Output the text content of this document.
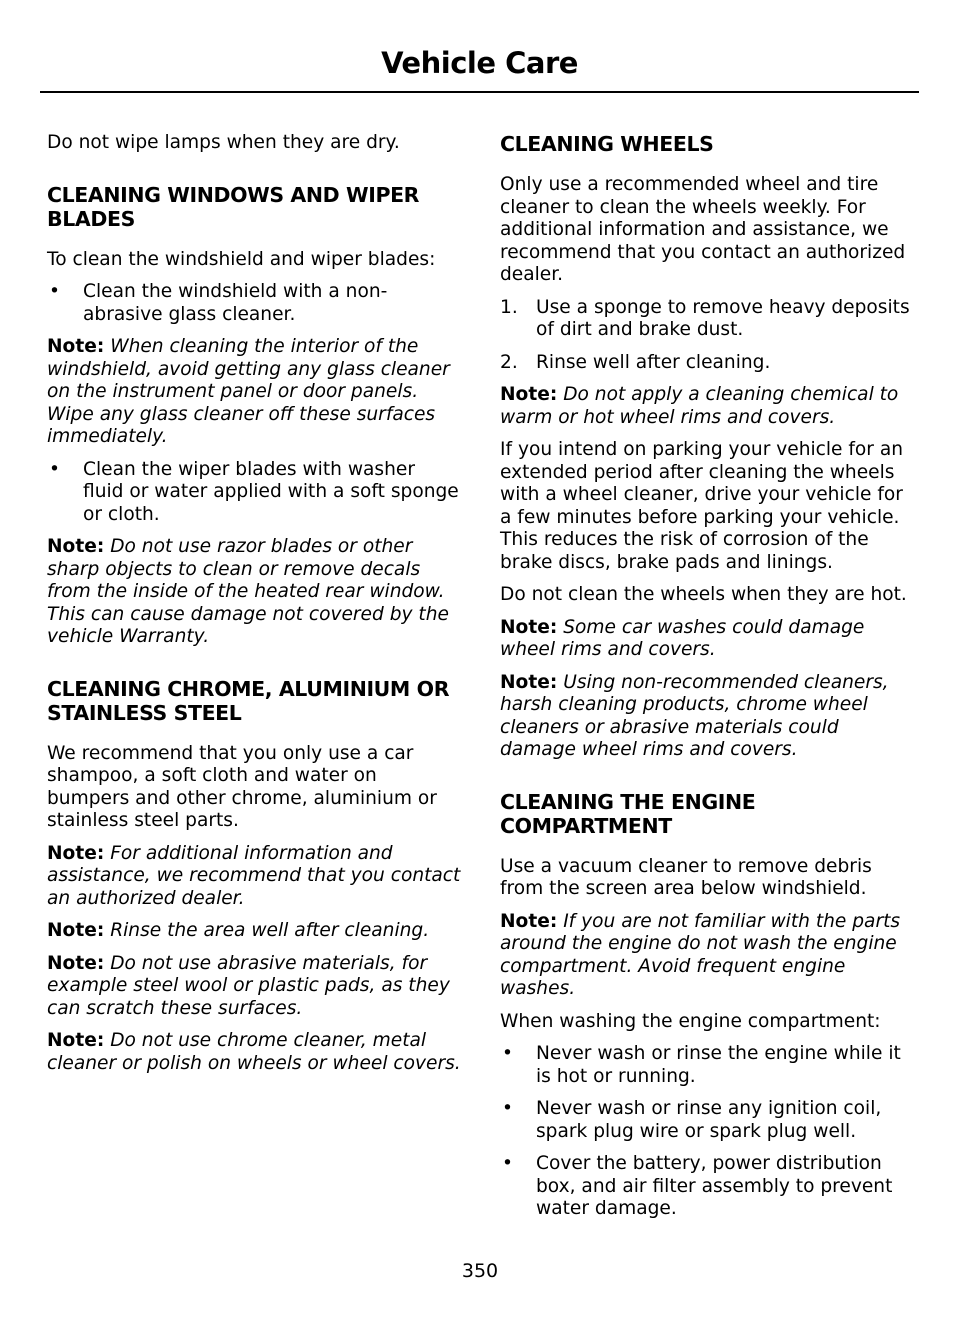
Vehicle Care

Do not wipe lamps when they are dry.

CLEANING WINDOWS AND WIPER BLADES

To clean the windshield and wiper blades:

• Clean the windshield with a non-abrasive glass cleaner.

Note: When cleaning the interior of the windshield, avoid getting any glass cleaner on the instrument panel or door panels. Wipe any glass cleaner off these surfaces immediately.

• Clean the wiper blades with washer fluid or water applied with a soft sponge or cloth.

Note: Do not use razor blades or other sharp objects to clean or remove decals from the inside of the heated rear window. This can cause damage not covered by the vehicle Warranty.

CLEANING CHROME, ALUMINIUM OR STAINLESS STEEL

We recommend that you only use a car shampoo, a soft cloth and water on bumpers and other chrome, aluminium or stainless steel parts.

Note: For additional information and assistance, we recommend that you contact an authorized dealer.

Note: Rinse the area well after cleaning.

Note: Do not use abrasive materials, for example steel wool or plastic pads, as they can scratch these surfaces.

Note: Do not use chrome cleaner, metal cleaner or polish on wheels or wheel covers.

CLEANING WHEELS

Only use a recommended wheel and tire cleaner to clean the wheels weekly. For additional information and assistance, we recommend that you contact an authorized dealer.

1. Use a sponge to remove heavy deposits of dirt and brake dust.
2. Rinse well after cleaning.

Note: Do not apply a cleaning chemical to warm or hot wheel rims and covers.

If you intend on parking your vehicle for an extended period after cleaning the wheels with a wheel cleaner, drive your vehicle for a few minutes before parking your vehicle. This reduces the risk of corrosion of the brake discs, brake pads and linings.

Do not clean the wheels when they are hot.

Note: Some car washes could damage wheel rims and covers.

Note: Using non-recommended cleaners, harsh cleaning products, chrome wheel cleaners or abrasive materials could damage wheel rims and covers.

CLEANING THE ENGINE COMPARTMENT

Use a vacuum cleaner to remove debris from the screen area below windshield.

Note: If you are not familiar with the parts around the engine do not wash the engine compartment. Avoid frequent engine washes.

When washing the engine compartment:

• Never wash or rinse the engine while it is hot or running.
• Never wash or rinse any ignition coil, spark plug wire or spark plug well.
• Cover the battery, power distribution box, and air filter assembly to prevent water damage.
350
